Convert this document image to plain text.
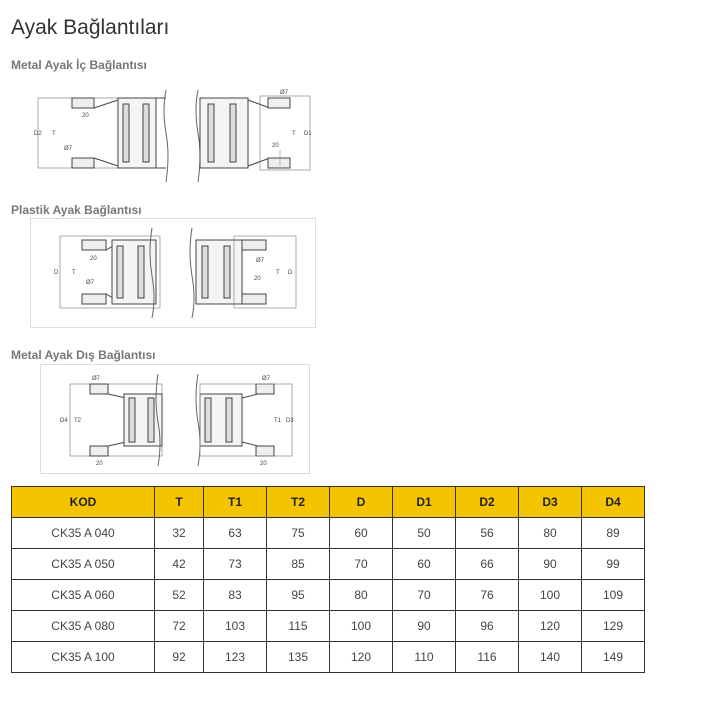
Ayak Bağlantıları
Metal Ayak İç Bağlantısı
20
D2 T
Ø7
Ø7
T D1
20
Plastik Ayak Bağlantısı
20
D T
Ø7
Ø7
T D
20
Metal Ayak Dış Bağlantısı
Ø7
D4 T2
20
Ø7
T1 D3
20
KOD	T	T1	T2	D	D1	D2	D3	D4
CK35 A 040	32	63	75	60	50	56	80	89
CK35 A 050	42	73	85	70	60	66	90	99
CK35 A 060	52	83	95	80	70	76	100	109
CK35 A 080	72	103	115	100	90	96	120	129
CK35 A 100	92	123	135	120	110	116	140	149
